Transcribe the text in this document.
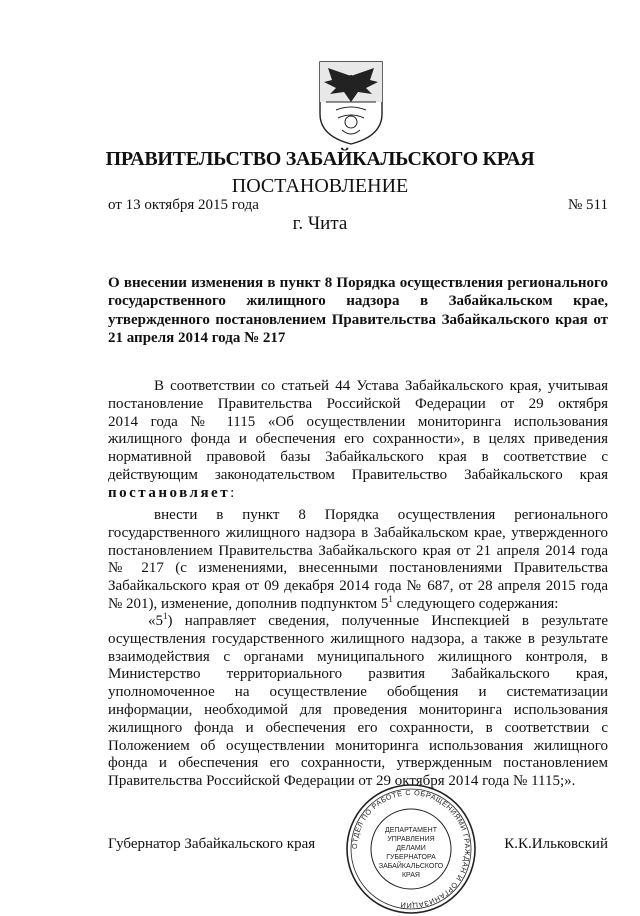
ПРАВИТЕЛЬСТВО ЗАБАЙКАЛЬСКОГО КРАЯ
ПОСТАНОВЛЕНИЕ
от 13 октября 2015 года	№ 511
г. Чита
О внесении изменения в пункт 8 Порядка осуществления регионального
государственного жилищного надзора в Забайкальском крае,
утвержденного постановлением Правительства Забайкальского края от
21 апреля 2014 года № 217
В соответствии со статьей 44 Устава Забайкальского края, учитывая
постановление Правительства Российской Федерации от 29 октября
2014 года № 1115 «Об осуществлении мониторинга использования
жилищного фонда и обеспечения его сохранности», в целях приведения
нормативной правовой базы Забайкальского края в соответствие с
действующим законодательством Правительство Забайкальского края
постановляет:
внести в пункт 8 Порядка осуществления регионального
государственного жилищного надзора в Забайкальском крае, утвержденного
постановлением Правительства Забайкальского края от 21 апреля 2014 года
№ 217 (с изменениями, внесенными постановлениями Правительства
Забайкальского края от 09 декабря 2014 года № 687, от 28 апреля 2015 года
№ 201), изменение, дополнив подпунктом $5^1$ следующего содержания:
«$5^1$) направляет сведения, полученные Инспекцией в результате
осуществления государственного жилищного надзора, а также в результате
взаимодействия с органами муниципального жилищного контроля, в
Министерство территориального развития Забайкальского края,
уполномоченное на осуществление обобщения и систематизации
информации, необходимой для проведения мониторинга использования
жилищного фонда и обеспечения его сохранности, в соответствии с
Положением об осуществлении мониторинга использования жилищного
фонда и обеспечения его сохранности, утвержденным постановлением
Правительства Российской Федерации от 29 октября 2014 года № 1115;».
ОТДЕЛ ПО РАБОТЕ С ОБРАЩЕНИЯМИ ГРАЖДАН И ОРГАНИЗАЦИЙ
ДЕПАРТАМЕНТ
УПРАВЛЕНИЯ
ДЕЛАМИ
ГУБЕРНАТОРА
ЗАБАЙКАЛЬСКОГО
КРАЯ
Губернатор Забайкальского края	К.К.Ильковский
